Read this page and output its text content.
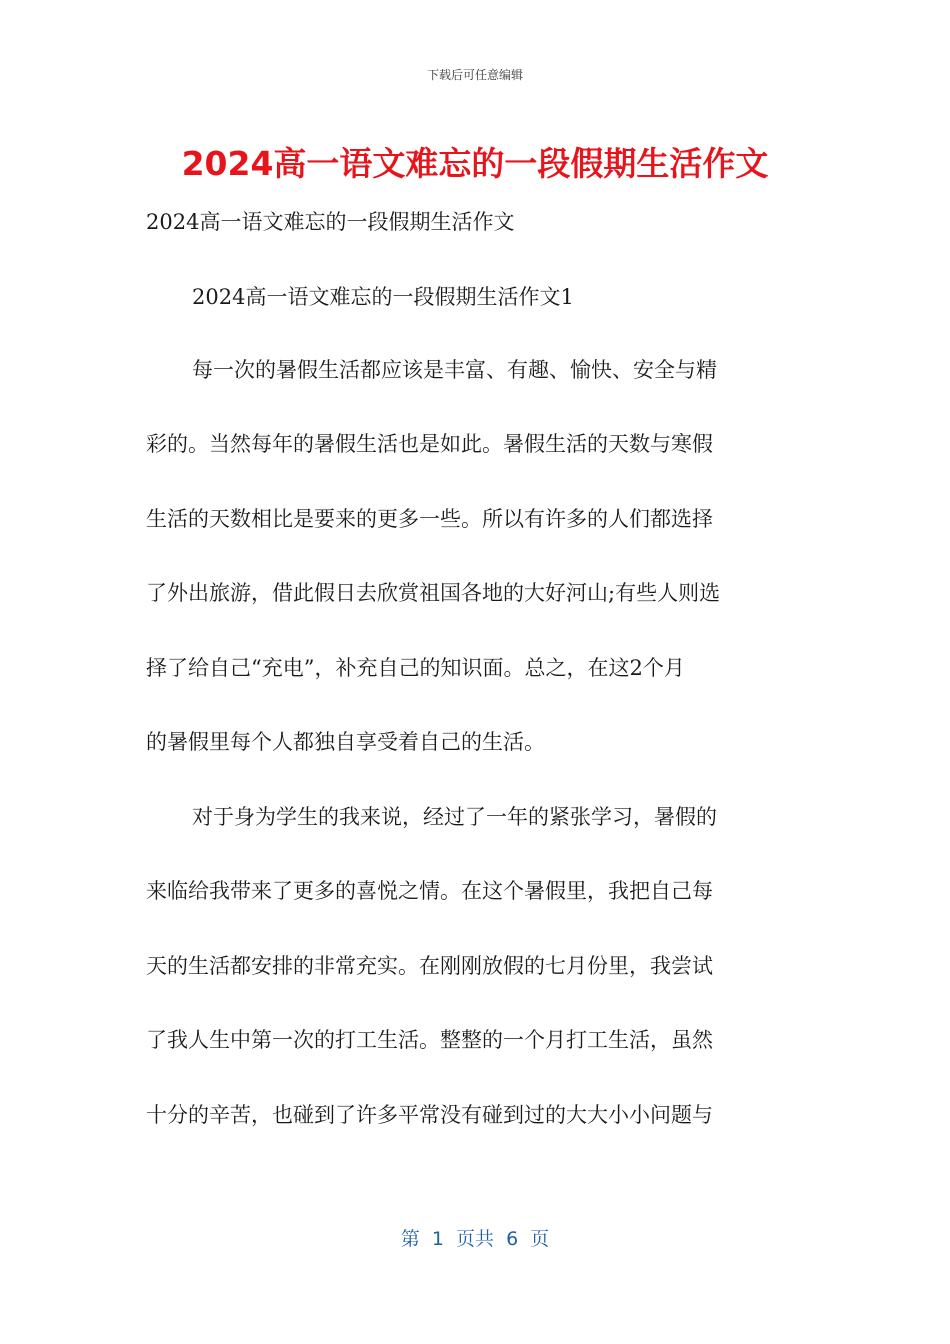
下载后可任意编辑
2024高一语文难忘的一段假期生活作文
2024高一语文难忘的一段假期生活作文
2024高一语文难忘的一段假期生活作文1
每一次的暑假生活都应该是丰富、有趣、愉快、安全与精
彩的。当然每年的暑假生活也是如此。暑假生活的天数与寒假
生活的天数相比是要来的更多一些。所以有许多的人们都选择
了外出旅游，借此假日去欣赏祖国各地的大好河山;有些人则选
择了给自己“充电”，补充自己的知识面。总之，在这2个月
的暑假里每个人都独自享受着自己的生活。
对于身为学生的我来说，经过了一年的紧张学习，暑假的
来临给我带来了更多的喜悦之情。在这个暑假里，我把自己每
天的生活都安排的非常充实。在刚刚放假的七月份里，我尝试
了我人生中第一次的打工生活。整整的一个月打工生活，虽然
十分的辛苦，也碰到了许多平常没有碰到过的大大小小问题与
第  1  页共  6  页
